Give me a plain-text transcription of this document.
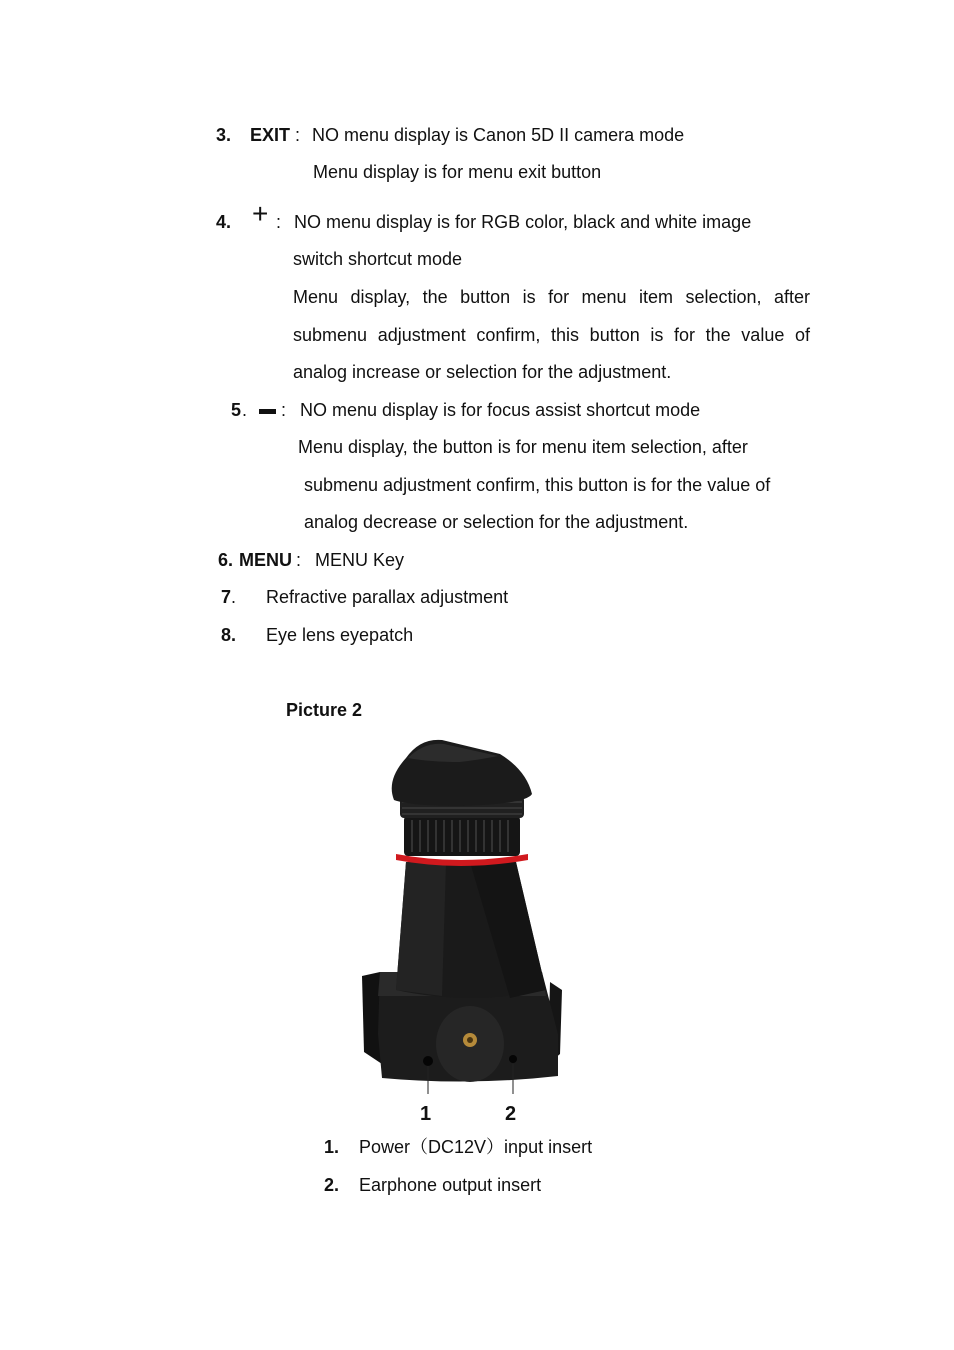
3. EXIT : NO menu display is Canon 5D II camera mode
Menu display is for menu exit button
4. + : NO menu display is for RGB color, black and white image
switch shortcut mode
Menu display, the button is for menu item selection, after
submenu adjustment confirm, this button is for the value of
analog increase or selection for the adjustment.
5 . : NO menu display is for focus assist shortcut mode
Menu display, the button is for menu item selection, after
submenu adjustment confirm, this button is for the value of
analog decrease or selection for the adjustment.
6. MENU : MENU Key
7 . Refractive parallax adjustment
8. Eye lens eyepatch
Picture 2
1	2
1. Power（DC12V）input insert
2. Earphone output insert
